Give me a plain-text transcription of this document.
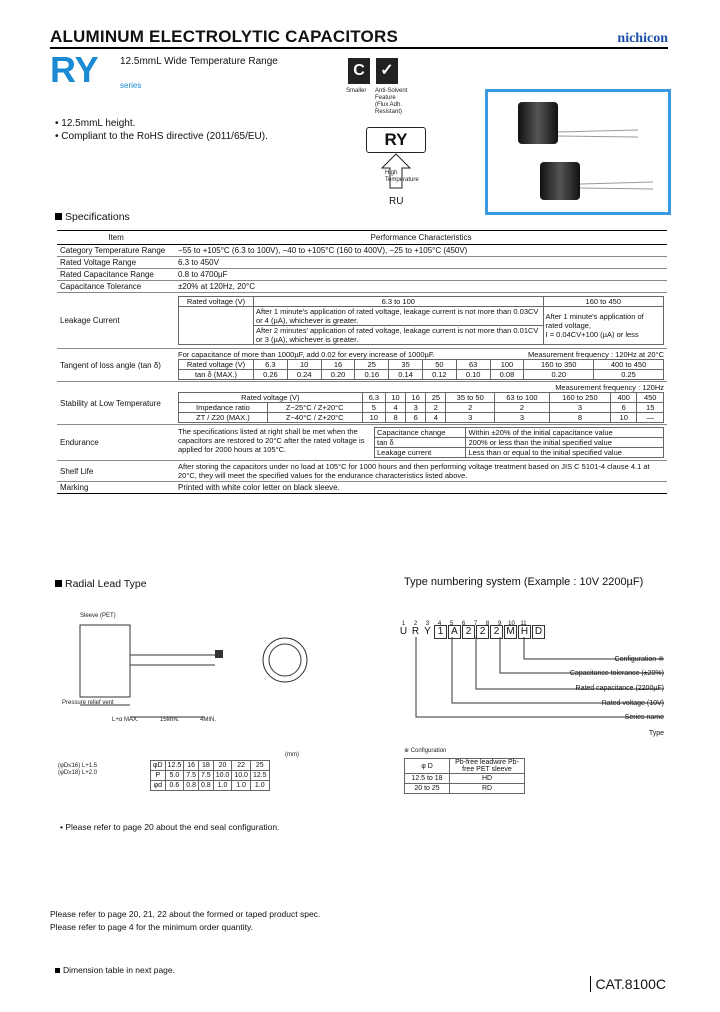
ALUMINUM ELECTROLYTIC CAPACITORS	nichicon
RY 12.5mmL Wide Temperature Range
series
• 12.5mmL height.
• Compliant to the RoHS directive (2011/65/EU).
C ✓
Smaller	Anti-Solvent Feature (Flux Adh. Resistant)
RY
High Temperature
RU
Specifications
Item	Performance Characteristics
Category Temperature Range	−55 to +105°C (6.3 to 100V), −40 to +105°C (160 to 400V), −25 to +105°C (450V)
Rated Voltage Range	6.3 to 450V
Rated Capacitance Range	0.8 to 4700µF
Capacitance Tolerance	±20% at 120Hz, 20°C
Leakage Current	
Rated voltage (V)	6.3 to 100	160 to 450
	After 1 minute's application of rated voltage, leakage current is not more than 0.03CV or 4 (µA), whichever is greater.	After 1 minute's application of rated voltage,
I = 0.04CV+100 (µA) or less

After 2 minutes' application of rated voltage, leakage current is not more than 0.01CV or 3 (µA), whichever is greater.

Tangent of loss angle (tan δ)	
For capacitance of more than 1000µF, add 0.02 for every increase of 1000µF.	Measurement frequency : 120Hz at 20°C
Rated voltage (V)	6.3	10	16	25	35	50	63	100	160 to 350	400 to 450
tan δ (MAX.)	0.26	0.24	0.20	0.16	0.14	0.12	0.10	0.08	0.20	0.25

Stability at Low Temperature	
Measurement frequency : 120Hz
Rated voltage (V)	6.3	10	16	25	35 to 50	63 to 100	160 to 250	400	450
Impedance ratio	Z−25°C / Z+20°C	5	4	3	2	2	2	3	6	15
ZT / Z20 (MAX.)	Z−40°C / Z+20°C	10	8	6	4	3	3	8	10	—

Endurance	
The specifications listed at right shall be met when the capacitors are restored to 20°C after the rated voltage is applied for 2000 hours at 105°C.
Capacitance change	Within ±20% of the initial capacitance value
tan δ	200% or less than the initial specified value
Leakage current	Less than or equal to the initial specified value

Shelf Life	After storing the capacitors under no load at 105°C for 1000 hours and then performing voltage treatment based on JIS C 5101-4 clause 4.1 at 20°C, they will meet the specified values for the endurance characteristics listed above.
Marking	Printed with white color letter on black sleeve.
Radial Lead Type	Type numbering system (Example : 10V 2200µF)
Sleeve (PET)
Pressure relief vent
L+α MAX.	15MIN.	4MIN.
(mm)
(φD≤16) L+1.5
(φD≥18) L+2.0
φD	12.5	16	18	20	22	25
P	5.0	7.5	7.5	10.0	10.0	12.5
φd	0.6	0.8	0.8	1.0	1.0	1.0
• Please refer to page 20 about the end seal configuration.
1 2 3 4 5 6 7 8 9 10 11
U R Y 1 A 2 2 2 M H D
Configuration ※
Capacitance tolerance (±20%)
Rated capacitance (2200µF)
Rated voltage (10V)
Series name
Type
※ Configuration
φ D	Pb-free leadwire Pb-free PET sleeve
12.5 to 18	HD
20 to 25	RD
Please refer to page 20, 21, 22 about the formed or taped product spec.
Please refer to page 4 for the minimum order quantity.
Dimension table in next page.
CAT.8100C
